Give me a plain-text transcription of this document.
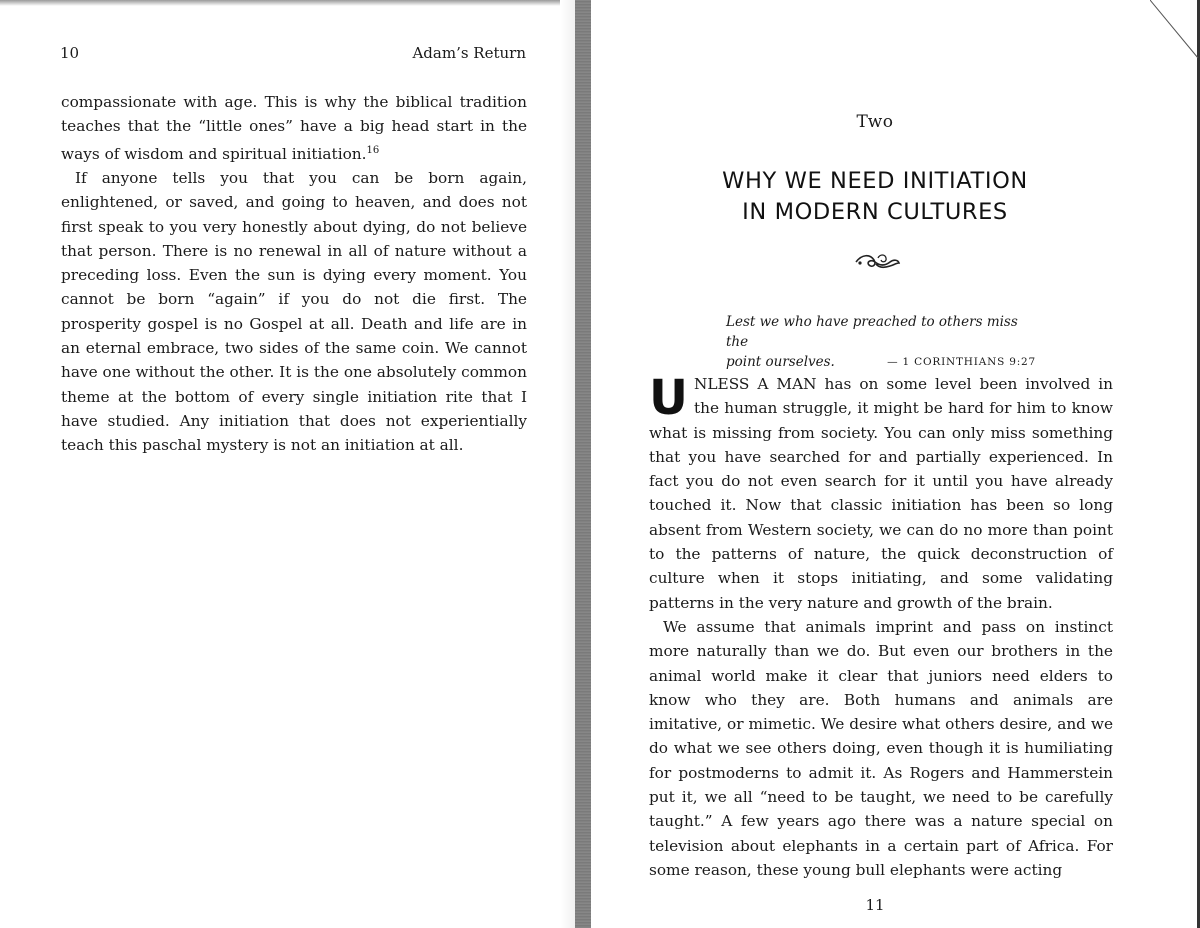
10	Adam’s Return

compassionate with age. This is why the biblical tradition teaches that the “little ones” have a big head start in the ways of wisdom and spiritual initiation.$^{16}$

If anyone tells you that you can be born again, enlightened, or saved, and going to heaven, and does not first speak to you very honestly about dying, do not believe that person. There is no renewal in all of nature without a preceding loss. Even the sun is dying every moment. You cannot be born “again” if you do not die first. The prosperity gospel is no Gospel at all. Death and life are in an eternal embrace, two sides of the same coin. We cannot have one without the other. It is the one absolutely common theme at the bottom of every single initiation rite that I have studied. Any initiation that does not experientially teach this paschal mystery is not an initiation at all.

Two
WHY WE NEED INITIATION
IN MODERN CULTURES
Lest we who have preached to others miss the
point ourselves.	— 1 CORINTHIANS 9:27

UNLESS A MAN has on some level been involved in the human struggle, it might be hard for him to know what is missing from society. You can only miss something that you have searched for and partially experienced. In fact you do not even search for it until you have already touched it. Now that classic initiation has been so long absent from Western society, we can do no more than point to the patterns of nature, the quick deconstruction of culture when it stops initiating, and some validating patterns in the very nature and growth of the brain.

We assume that animals imprint and pass on instinct more naturally than we do. But even our brothers in the animal world make it clear that juniors need elders to know who they are. Both humans and animals are imitative, or mimetic. We desire what others desire, and we do what we see others doing, even though it is humiliating for postmoderns to admit it. As Rogers and Hammerstein put it, we all “need to be taught, we need to be carefully taught.” A few years ago there was a nature special on television about elephants in a certain part of Africa. For some reason, these young bull elephants were acting

11
